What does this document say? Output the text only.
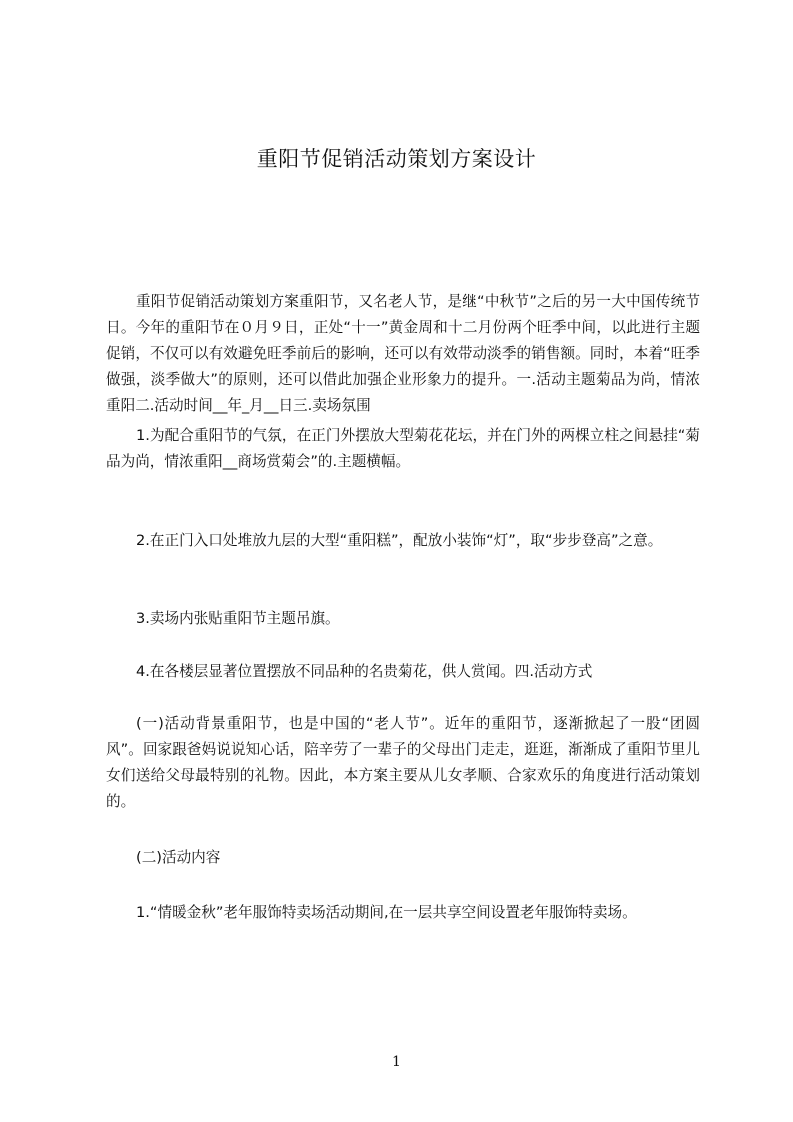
重阳节促销活动策划方案设计
重阳节促销活动策划方案重阳节，又名老人节，是继“中秋节”之后的另一大中国传统节日。今年的重阳节在０月９日，正处“十一”黄金周和十二月份两个旺季中间，以此进行主题促销，不仅可以有效避免旺季前后的影响，还可以有效带动淡季的销售额。同时，本着“旺季做强，淡季做大”的原则，还可以借此加强企业形象力的提升。一.活动主题菊品为尚，情浓重阳二.活动时间__年_月__日三.卖场氛围
1.为配合重阳节的气氛，在正门外摆放大型菊花花坛，并在门外的两棵立柱之间悬挂“菊品为尚，情浓重阳__商场赏菊会”的.主题横幅。
2.在正门入口处堆放九层的大型“重阳糕”，配放小装饰“灯”，取“步步登高”之意。
3.卖场内张贴重阳节主题吊旗。
4.在各楼层显著位置摆放不同品种的名贵菊花，供人赏闻。四.活动方式
(一)活动背景重阳节，也是中国的“老人节”。近年的重阳节，逐渐掀起了一股“团圆风”。回家跟爸妈说说知心话，陪辛劳了一辈子的父母出门走走，逛逛，渐渐成了重阳节里儿女们送给父母最特别的礼物。因此，本方案主要从儿女孝顺、合家欢乐的角度进行活动策划的。
(二)活动内容
1.“情暖金秋”老年服饰特卖场活动期间,在一层共享空间设置老年服饰特卖场。
1
